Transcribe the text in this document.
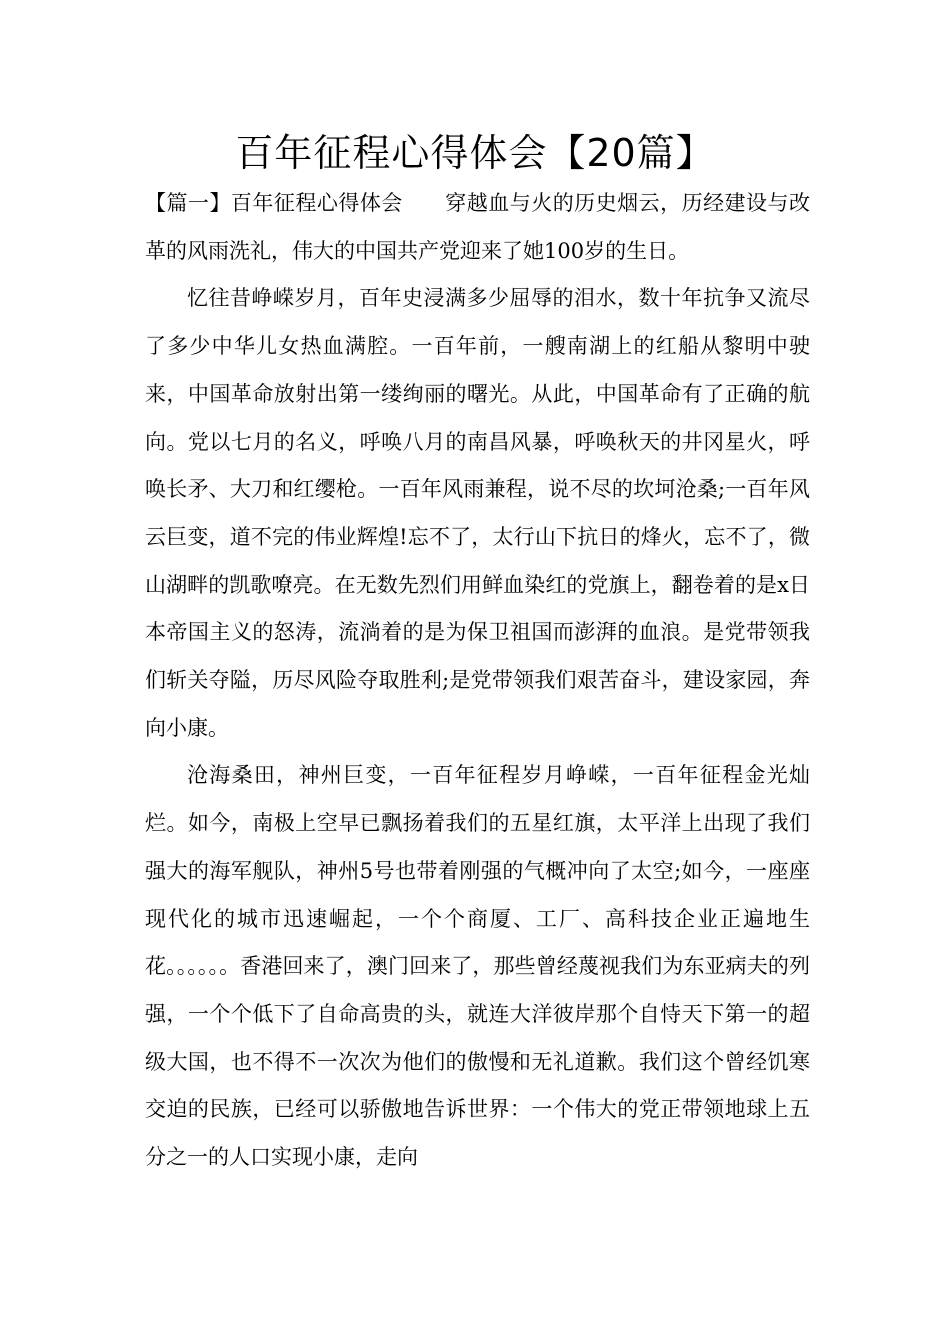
百年征程心得体会【20篇】

【篇一】百年征程心得体会 穿越血与火的历史烟云，历经建设与改革的风雨洗礼，伟大的中国共产党迎来了她100岁的生日。

忆往昔峥嵘岁月，百年史浸满多少屈辱的泪水，数十年抗争又流尽了多少中华儿女热血满腔。一百年前，一艘南湖上的红船从黎明中驶来，中国革命放射出第一缕绚丽的曙光。从此，中国革命有了正确的航向。党以七月的名义，呼唤八月的南昌风暴，呼唤秋天的井冈星火，呼唤长矛、大刀和红缨枪。一百年风雨兼程，说不尽的坎坷沧桑;一百年风云巨变，道不完的伟业辉煌!忘不了，太行山下抗日的烽火，忘不了，微山湖畔的凯歌嘹亮。在无数先烈们用鲜血染红的党旗上，翻卷着的是x日本帝国主义的怒涛，流淌着的是为保卫祖国而澎湃的血浪。是党带领我们斩关夺隘，历尽风险夺取胜利;是党带领我们艰苦奋斗，建设家园，奔向小康。

沧海桑田，神州巨变，一百年征程岁月峥嵘，一百年征程金光灿烂。如今，南极上空早已飘扬着我们的五星红旗，太平洋上出现了我们强大的海军舰队，神州5号也带着刚强的气概冲向了太空;如今，一座座现代化的城市迅速崛起，一个个商厦、工厂、高科技企业正遍地生花。。。。。。香港回来了，澳门回来了，那些曾经蔑视我们为东亚病夫的列强，一个个低下了自命高贵的头，就连大洋彼岸那个自恃天下第一的超级大国，也不得不一次次为他们的傲慢和无礼道歉。我们这个曾经饥寒交迫的民族，已经可以骄傲地告诉世界：一个伟大的党正带领地球上五分之一的人口实现小康，走向
